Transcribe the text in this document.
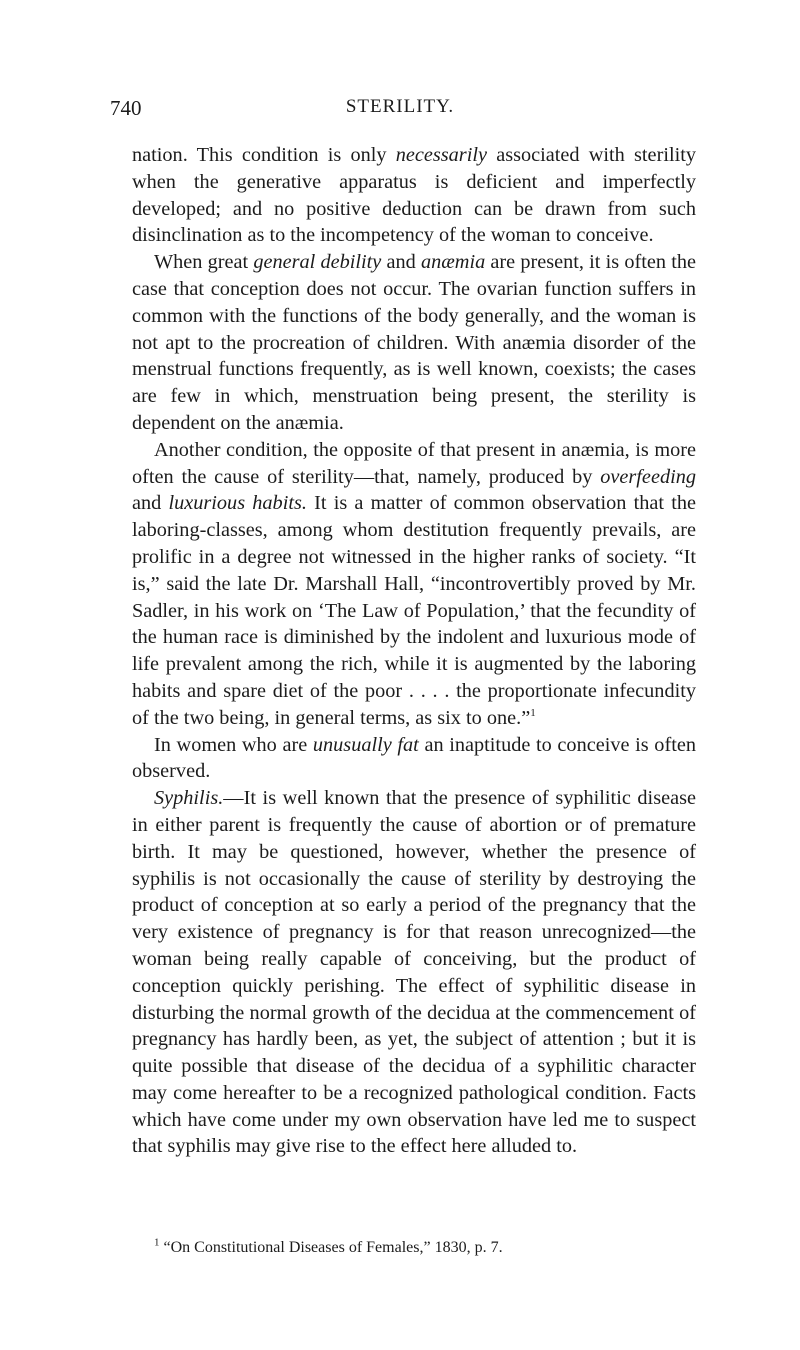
740	STERILITY.

nation. This condition is only necessarily associated with sterility when the generative apparatus is deficient and imperfectly developed; and no positive deduction can be drawn from such disinclination as to the incompetency of the woman to conceive.

When great general debility and anæmia are present, it is often the case that conception does not occur. The ovarian function suffers in common with the functions of the body generally, and the woman is not apt to the procreation of children. With anæmia disorder of the menstrual functions frequently, as is well known, coexists; the cases are few in which, menstruation being present, the sterility is dependent on the anæmia.

Another condition, the opposite of that present in anæmia, is more often the cause of sterility—that, namely, produced by overfeeding and luxurious habits. It is a matter of common observation that the laboring-classes, among whom destitution frequently prevails, are prolific in a degree not witnessed in the higher ranks of society. “It is,” said the late Dr. Marshall Hall, “incontrovertibly proved by Mr. Sadler, in his work on ‘The Law of Population,’ that the fecundity of the human race is diminished by the indolent and luxurious mode of life prevalent among the rich, while it is augmented by the laboring habits and spare diet of the poor . . . . the proportionate infecundity of the two being, in general terms, as six to one.”$^1$

In women who are unusually fat an inaptitude to conceive is often observed.

Syphilis.—It is well known that the presence of syphilitic disease in either parent is frequently the cause of abortion or of premature birth. It may be questioned, however, whether the presence of syphilis is not occasionally the cause of sterility by destroying the product of conception at so early a period of the pregnancy that the very existence of pregnancy is for that reason unrecognized—the woman being really capable of conceiving, but the product of conception quickly perishing. The effect of syphilitic disease in disturbing the normal growth of the decidua at the commencement of pregnancy has hardly been, as yet, the subject of attention ; but it is quite possible that disease of the decidua of a syphilitic character may come hereafter to be a recognized pathological condition. Facts which have come under my own observation have led me to suspect that syphilis may give rise to the effect here alluded to.

$^1$ “On Constitutional Diseases of Females,” 1830, p. 7.
